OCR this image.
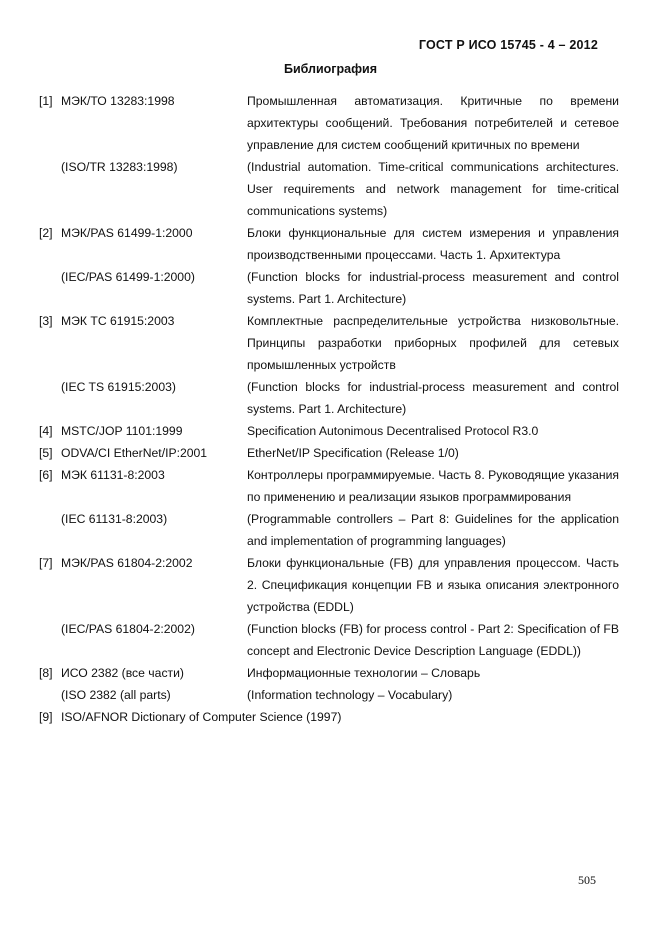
ГОСТ Р ИСО 15745 - 4 – 2012
Библиография
[1] МЭК/ТО 13283:1998	Промышленная автоматизация. Критичные по времени архитектуры сообщений. Требования потребителей и сетевое управление для систем сообщений критичных по времени
(ISO/TR 13283:1998)	(Industrial automation. Time-critical communications architectures. User requirements and network management for time-critical communications systems)
[2] МЭК/PAS 61499-1:2000	Блоки функциональные для систем измерения и управления производственными процессами. Часть 1. Архитектура
(IEC/PAS 61499-1:2000)	(Function blocks for industrial-process measurement and control systems. Part 1. Architecture)
[3] МЭК ТС 61915:2003	Комплектные распределительные устройства низковольтные. Принципы разработки приборных профилей для сетевых промышленных устройств
(IEC TS 61915:2003)	(Function blocks for industrial-process measurement and control systems. Part 1. Architecture)
[4] MSTC/JOP 1101:1999	Specification Autonimous Decentralised Protocol R3.0
[5] ODVA/CI EtherNet/IP:2001	EtherNet/IP Specification (Release 1/0)
[6] МЭК 61131-8:2003	Контроллеры программируемые. Часть 8. Руководящие указания по применению и реализации языков программирования
(IEC 61131-8:2003)	(Programmable controllers – Part 8: Guidelines for the application and implementation of programming languages)
[7] МЭК/PAS 61804-2:2002	Блоки функциональные (FB) для управления процессом. Часть 2. Спецификация концепции FB и языка описания электронного устройства (EDDL)
(IEC/PAS 61804-2:2002)	(Function blocks (FB) for process control - Part 2: Specification of FB concept and Electronic Device Description Language (EDDL))
[8] ИСО 2382 (все части)	Информационные технологии – Словарь
(ISO 2382 (all parts)	(Information technology – Vocabulary)
[9] ISO/AFNOR Dictionary of Computer Science (1997)
505
